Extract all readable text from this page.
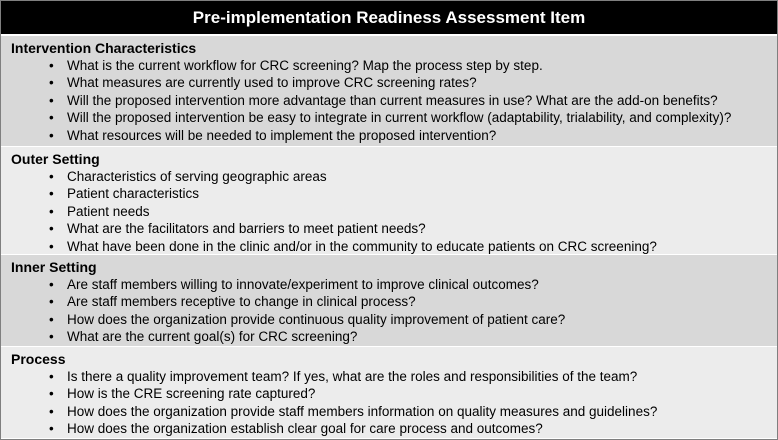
Pre-implementation Readiness Assessment Item
Intervention Characteristics
• What is the current workflow for CRC screening? Map the process step by step.
• What measures are currently used to improve CRC screening rates?
• Will the proposed intervention more advantage than current measures in use? What are the add-on benefits?
• Will the proposed intervention be easy to integrate in current workflow (adaptability, trialability, and complexity)?
• What resources will be needed to implement the proposed intervention?
Outer Setting
• Characteristics of serving geographic areas
• Patient characteristics
• Patient needs
• What are the facilitators and barriers to meet patient needs?
• What have been done in the clinic and/or in the community to educate patients on CRC screening?
Inner Setting
• Are staff members willing to innovate/experiment to improve clinical outcomes?
• Are staff members receptive to change in clinical process?
• How does the organization provide continuous quality improvement of patient care?
• What are the current goal(s) for CRC screening?
Process
• Is there a quality improvement team? If yes, what are the roles and responsibilities of the team?
• How is the CRE screening rate captured?
• How does the organization provide staff members information on quality measures and guidelines?
• How does the organization establish clear goal for care process and outcomes?
